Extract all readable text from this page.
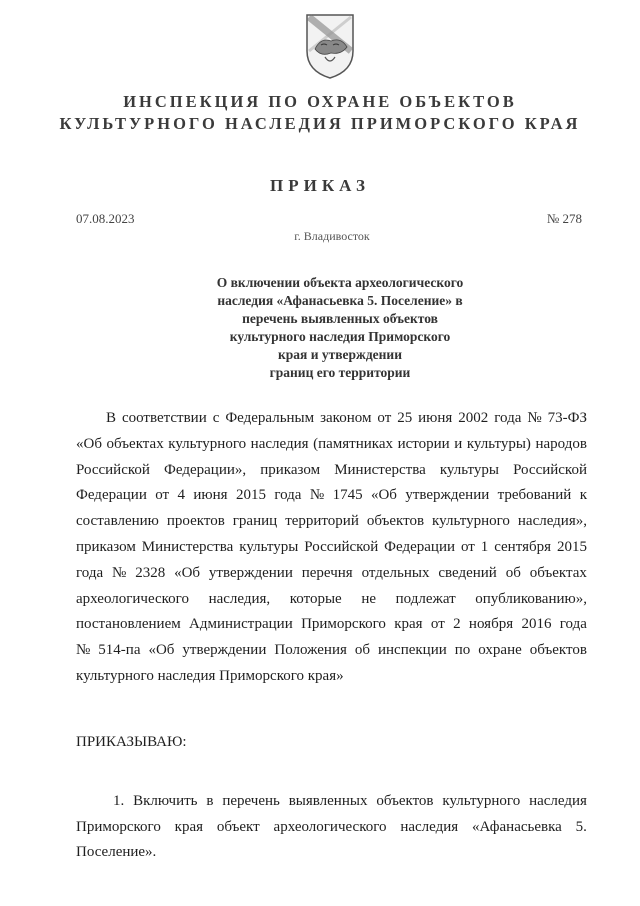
ИНСПЕКЦИЯ ПО ОХРАНЕ ОБЪЕКТОВ
КУЛЬТУРНОГО НАСЛЕДИЯ ПРИМОРСКОГО КРАЯ
ПРИКАЗ
07.08.2023	№ 278
г. Владивосток
О включении объекта археологического
наследия «Афанасьевка 5. Поселение» в
перечень выявленных объектов
культурного наследия Приморского
края и утверждении
границ его территории
В соответствии с Федеральным законом от 25 июня 2002 года № 73-ФЗ
«Об объектах культурного наследия (памятниках истории и культуры) народов
Российской Федерации», приказом Министерства культуры Российской
Федерации от 4 июня 2015 года № 1745 «Об утверждении требований к
составлению проектов границ территорий объектов культурного наследия»,
приказом Министерства культуры Российской Федерации от 1 сентября 2015
года № 2328 «Об утверждении перечня отдельных сведений об объектах
археологического наследия, которые не подлежат опубликованию»,
постановлением Администрации Приморского края от 2 ноября 2016 года
№ 514-па «Об утверждении Положения об инспекции по охране объектов
культурного наследия Приморского края»
ПРИКАЗЫВАЮ:
1. Включить в перечень выявленных объектов культурного наследия
Приморского края объект археологического наследия «Афанасьевка 5.
Поселение».
